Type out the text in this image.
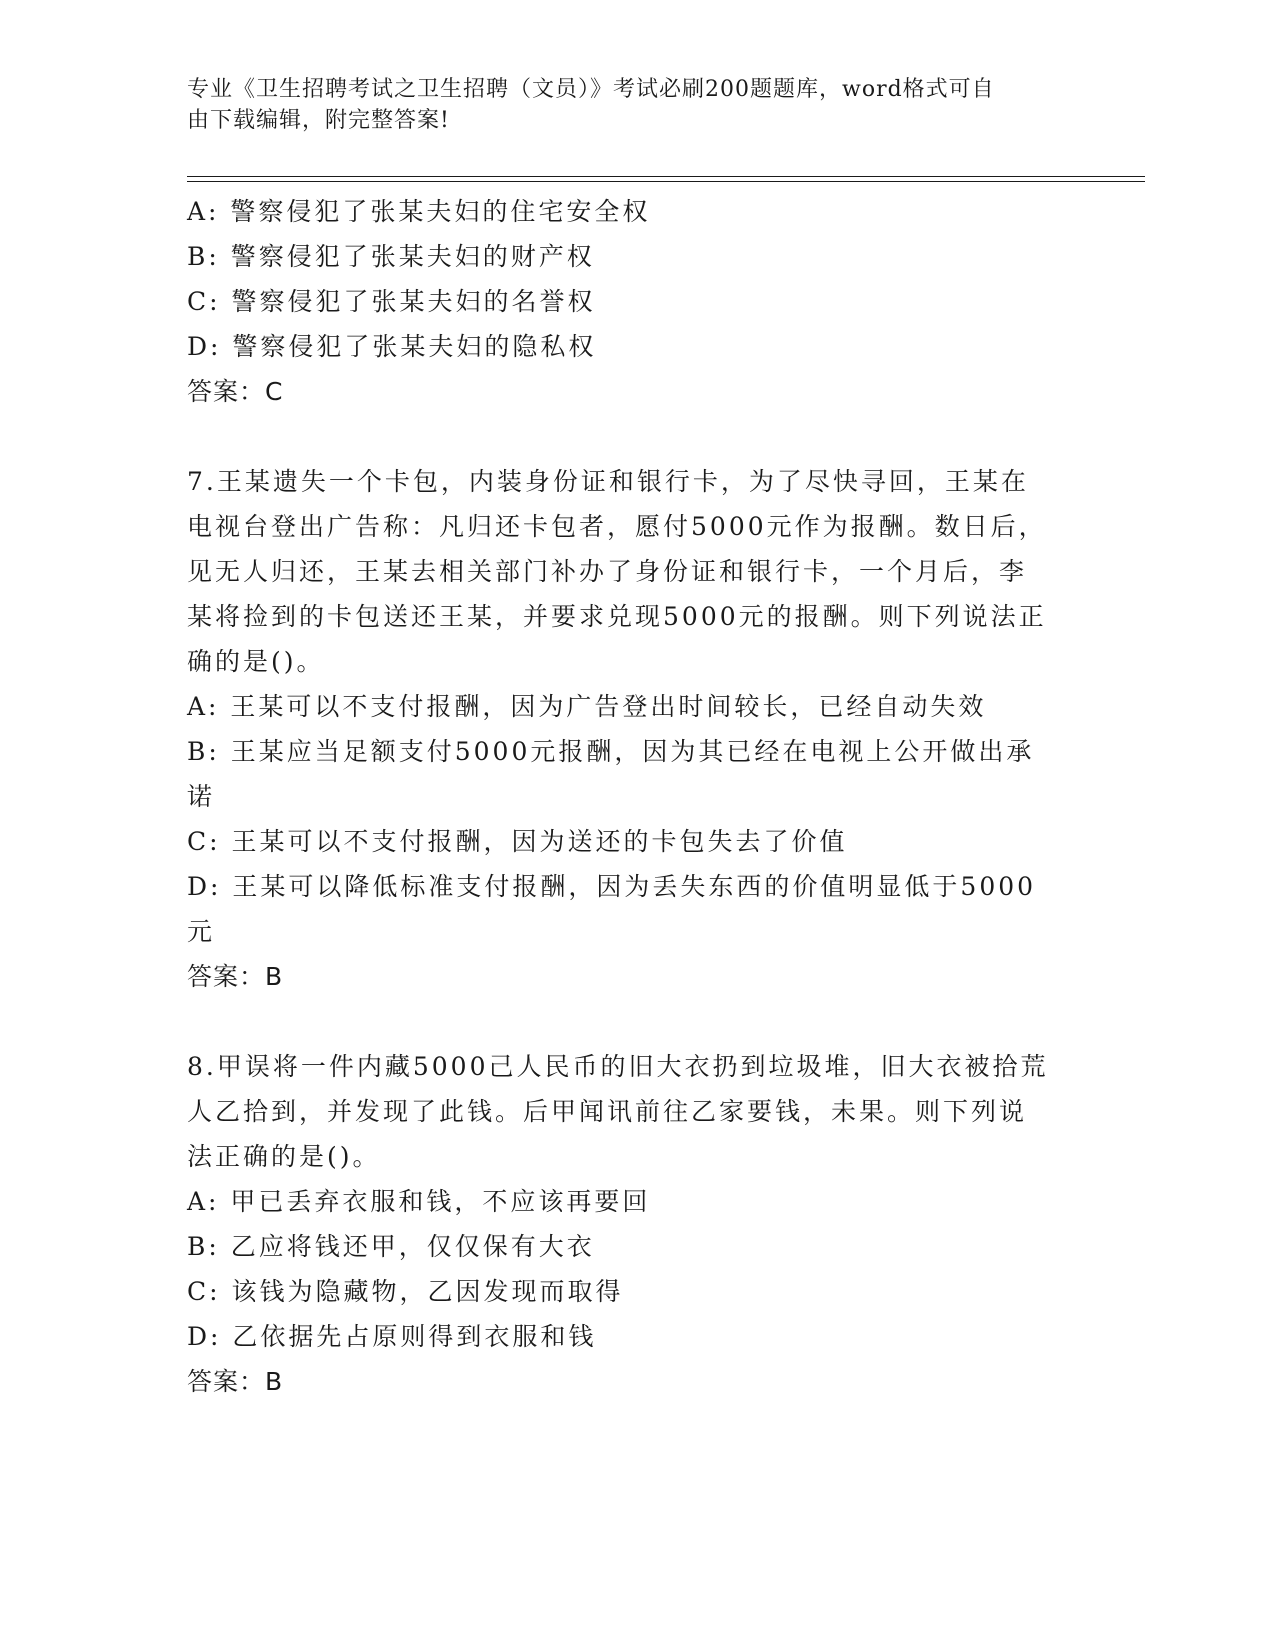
专业《卫生招聘考试之卫生招聘（文员）》考试必刷200题题库，word格式可自
由下载编辑，附完整答案!
A: 警察侵犯了张某夫妇的住宅安全权
B: 警察侵犯了张某夫妇的财产权
C: 警察侵犯了张某夫妇的名誉权
D: 警察侵犯了张某夫妇的隐私权
答案：C
7.王某遗失一个卡包，内装身份证和银行卡，为了尽快寻回，王某在
电视台登出广告称：凡归还卡包者，愿付5000元作为报酬。数日后，
见无人归还，王某去相关部门补办了身份证和银行卡，一个月后，李
某将捡到的卡包送还王某，并要求兑现5000元的报酬。则下列说法正
确的是()。
A: 王某可以不支付报酬，因为广告登出时间较长，已经自动失效
B: 王某应当足额支付5000元报酬，因为其已经在电视上公开做出承
诺
C: 王某可以不支付报酬，因为送还的卡包失去了价值
D: 王某可以降低标准支付报酬，因为丢失东西的价值明显低于5000
元
答案：B
8.甲误将一件内藏5000己人民币的旧大衣扔到垃圾堆，旧大衣被拾荒
人乙拾到，并发现了此钱。后甲闻讯前往乙家要钱，未果。则下列说
法正确的是()。
A: 甲已丢弃衣服和钱，不应该再要回
B: 乙应将钱还甲，仅仅保有大衣
C: 该钱为隐藏物，乙因发现而取得
D: 乙依据先占原则得到衣服和钱
答案：B
